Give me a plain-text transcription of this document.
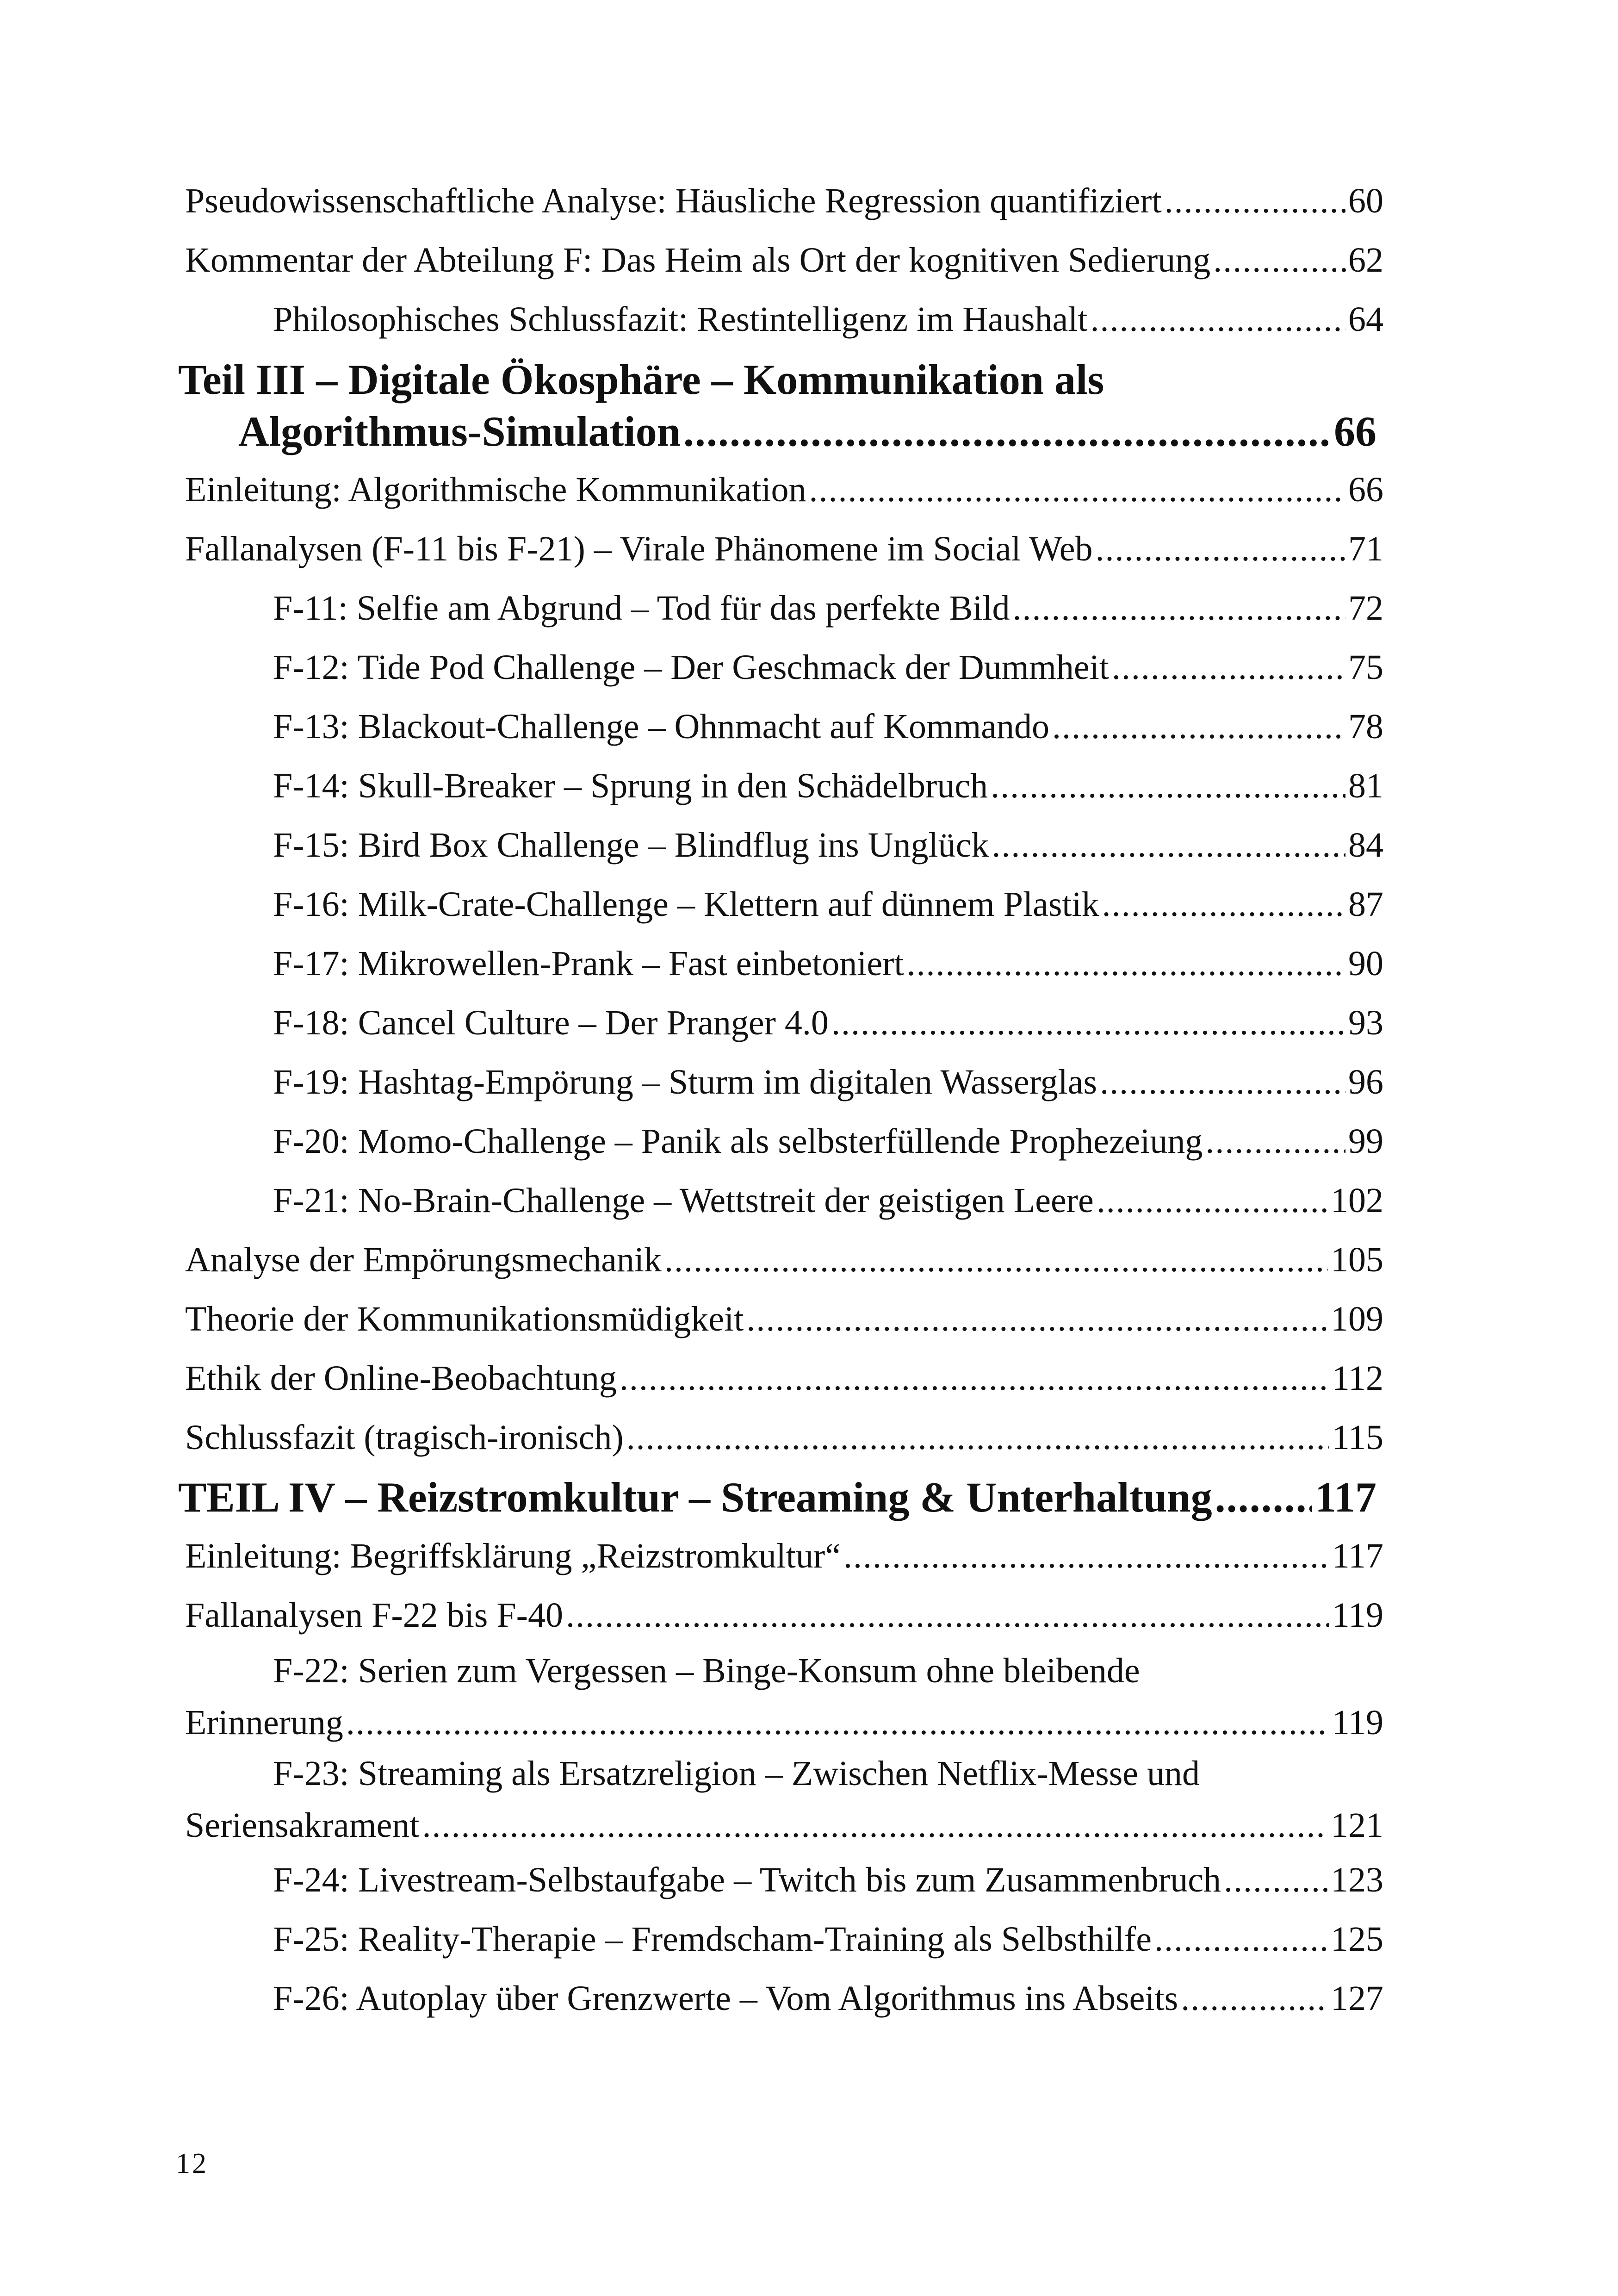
Pseudowissenschaftliche Analyse: Häusliche Regression quantifiziert .....	60
Kommentar der Abteilung F: Das Heim als Ort der kognitiven Sedierung .....	.62
Philosophisches Schlussfazit: Restintelligenz im Haushalt .....	64
Teil III – Digitale Ökosphäre – Kommunikation als
Algorithmus-Simulation .....	66
Einleitung: Algorithmische Kommunikation .....	66
Fallanalysen (F-11 bis F-21) – Virale Phänomene im Social Web .....	71
F-11: Selfie am Abgrund – Tod für das perfekte Bild .....	72
F-12: Tide Pod Challenge – Der Geschmack der Dummheit .....	75
F-13: Blackout-Challenge – Ohnmacht auf Kommando .....	78
F-14: Skull-Breaker – Sprung in den Schädelbruch .....	81
F-15: Bird Box Challenge – Blindflug ins Unglück .....	84
F-16: Milk-Crate-Challenge – Klettern auf dünnem Plastik .....	87
F-17: Mikrowellen-Prank – Fast einbetoniert .....	90
F-18: Cancel Culture – Der Pranger 4.0 .....	93
F-19: Hashtag-Empörung – Sturm im digitalen Wasserglas .....	96
F-20: Momo-Challenge – Panik als selbsterfüllende Prophezeiung .....	99
F-21: No-Brain-Challenge – Wettstreit der geistigen Leere .....	102
Analyse der Empörungsmechanik .....	105
Theorie der Kommunikationsmüdigkeit .....	109
Ethik der Online-Beobachtung .....	112
Schlussfazit (tragisch-ironisch) .....	115
TEIL IV – Reizstromkultur – Streaming & Unterhaltung ..... 117
Einleitung: Begriffsklärung „Reizstromkultur“ .....	117
Fallanalysen F-22 bis F-40 .....	119
F-22: Serien zum Vergessen – Binge-Konsum ohne bleibende
Erinnerung .....	119
F-23: Streaming als Ersatzreligion – Zwischen Netflix-Messe und
Seriensakrament .....	121
F-24: Livestream-Selbstaufgabe – Twitch bis zum Zusammenbruch .....	123
F-25: Reality-Therapie – Fremdscham-Training als Selbsthilfe .....	125
F-26: Autoplay über Grenzwerte – Vom Algorithmus ins Abseits .....	127
12
